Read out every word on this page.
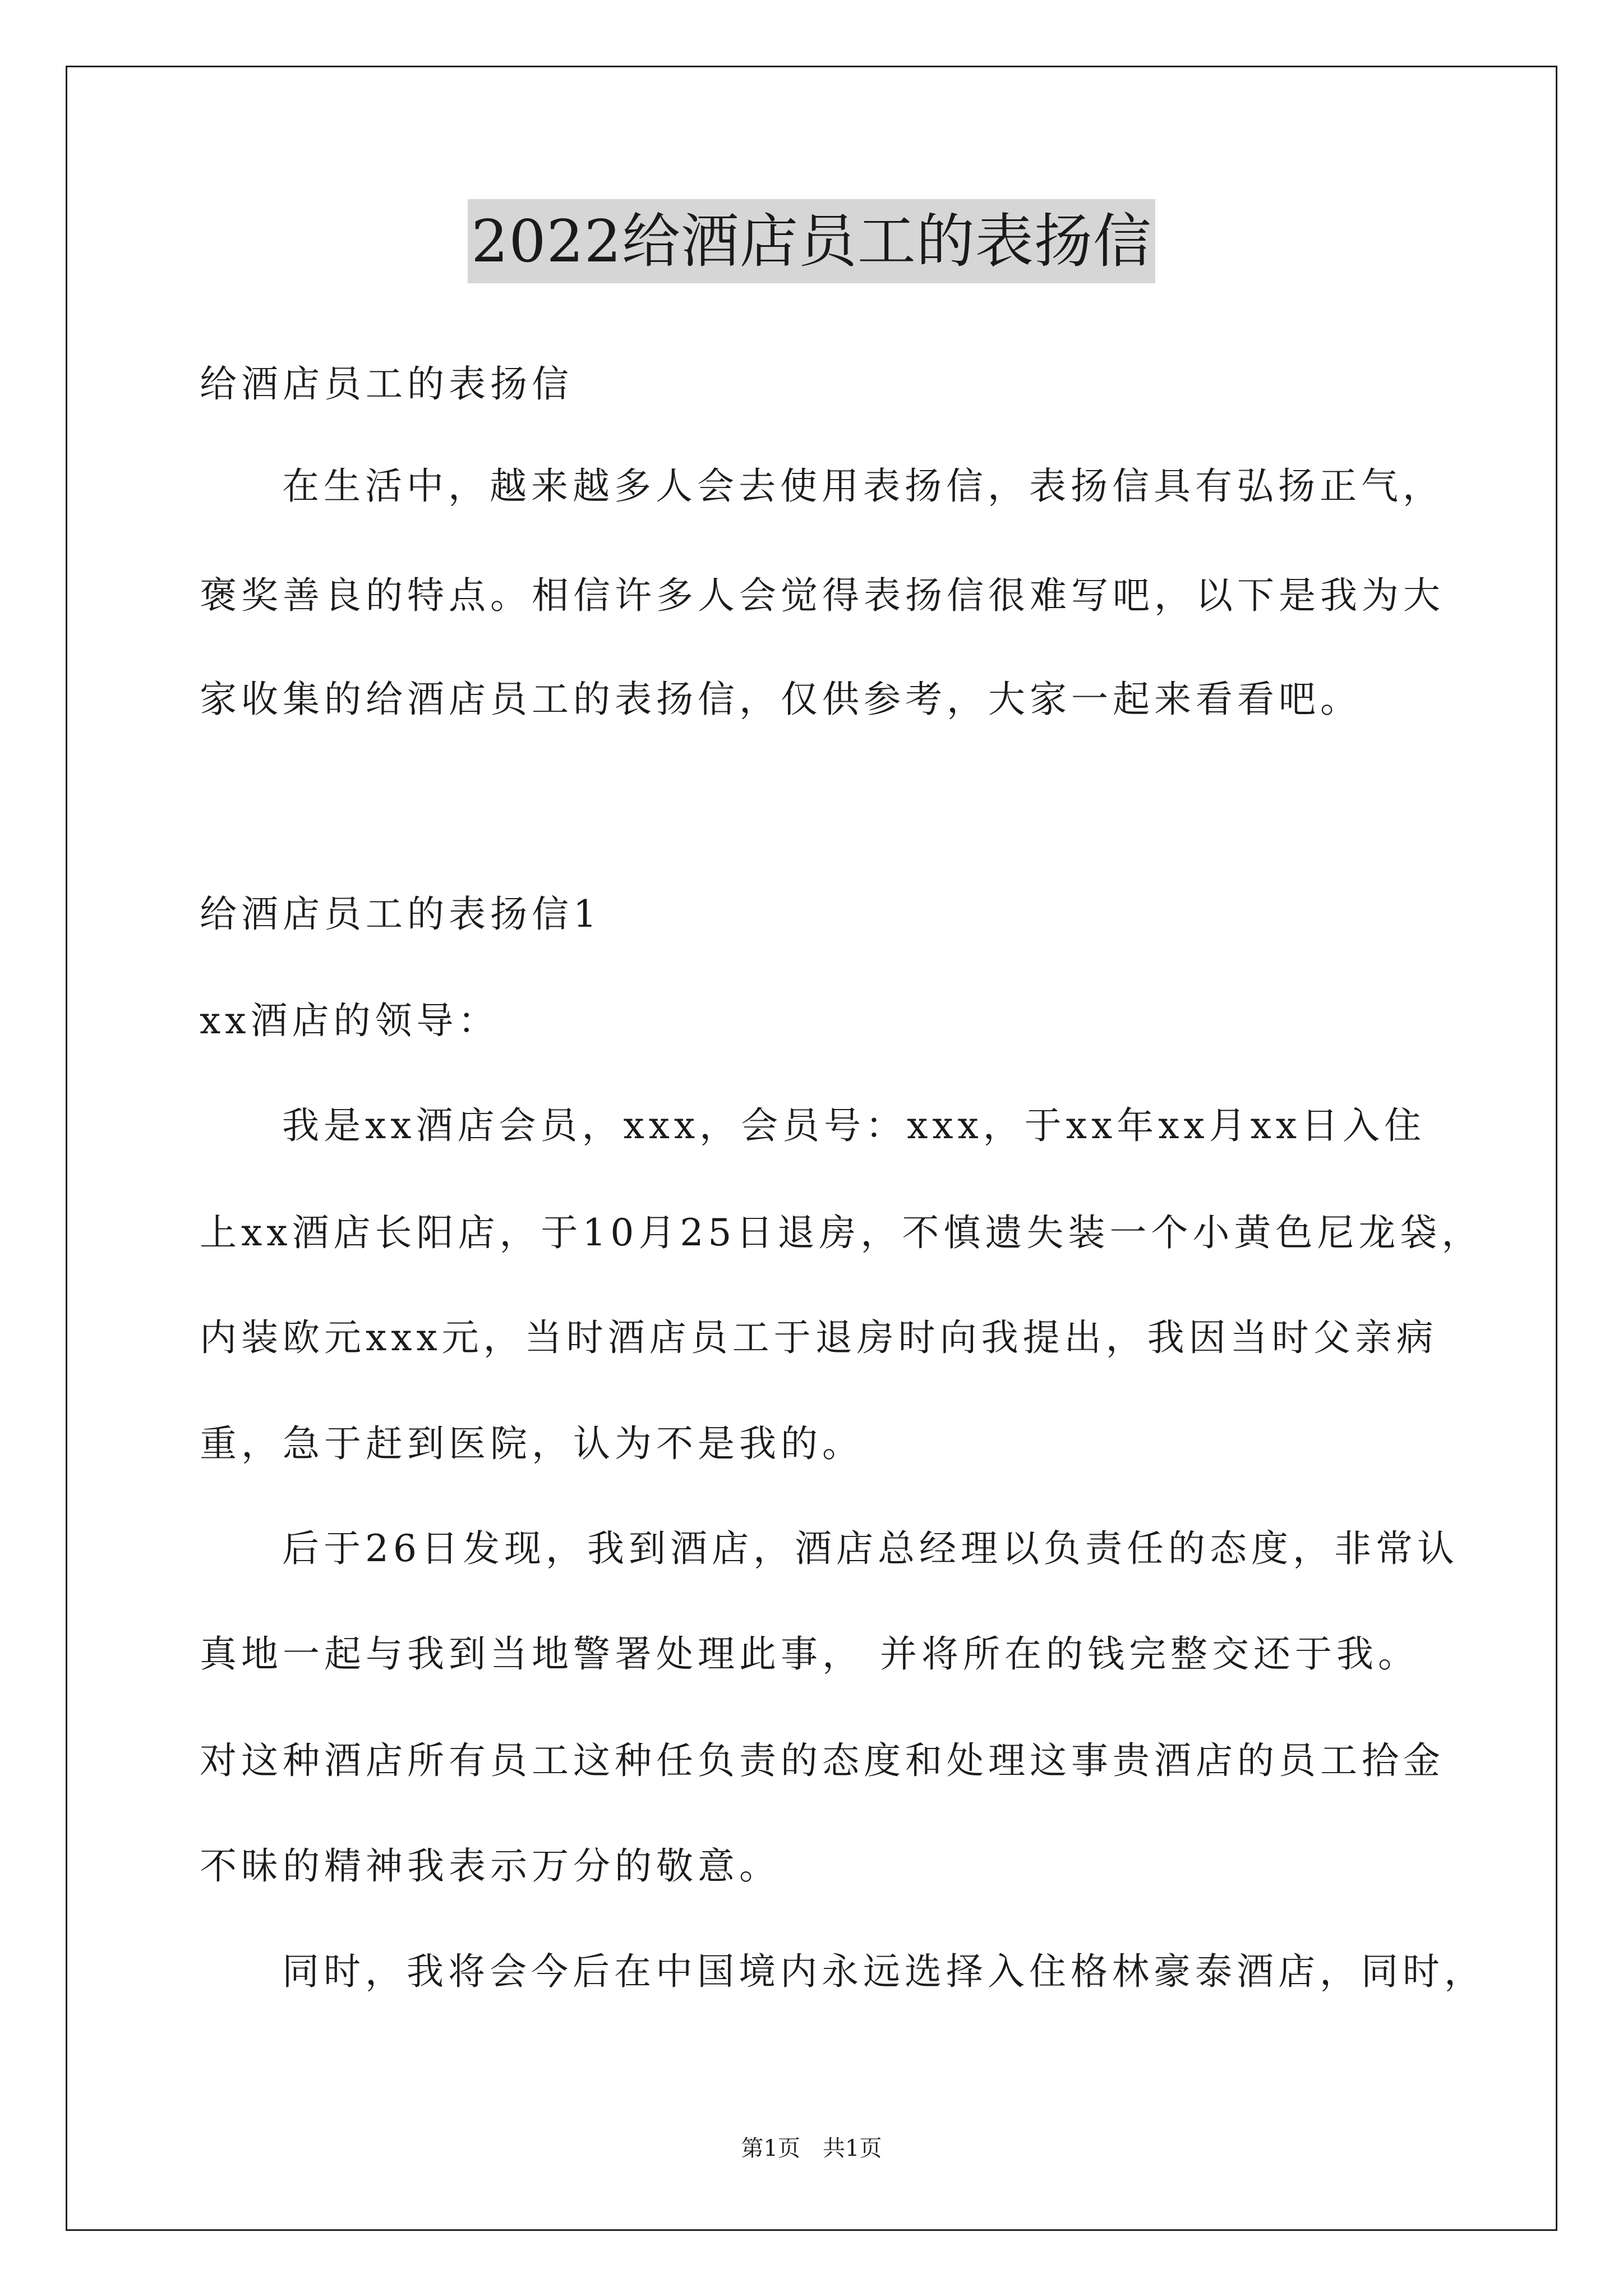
2022给酒店员工的表扬信
给酒店员工的表扬信
在生活中，越来越多人会去使用表扬信，表扬信具有弘扬正气，
褒奖善良的特点。相信许多人会觉得表扬信很难写吧，以下是我为大
家收集的给酒店员工的表扬信，仅供参考，大家一起来看看吧。
给酒店员工的表扬信1
xx酒店的领导：
我是xx酒店会员，xxx，会员号：xxx，于xx年xx月xx日入住
上xx酒店长阳店，于10月25日退房，不慎遗失装一个小黄色尼龙袋，
内装欧元xxx元，当时酒店员工于退房时向我提出，我因当时父亲病
重，急于赶到医院，认为不是我的。
后于26日发现，我到酒店，酒店总经理以负责任的态度，非常认
真地一起与我到当地警署处理此事， 并将所在的钱完整交还于我。
对这种酒店所有员工这种任负责的态度和处理这事贵酒店的员工拾金
不昧的精神我表示万分的敬意。
同时，我将会今后在中国境内永远选择入住格林豪泰酒店，同时，
第1页　共1页
